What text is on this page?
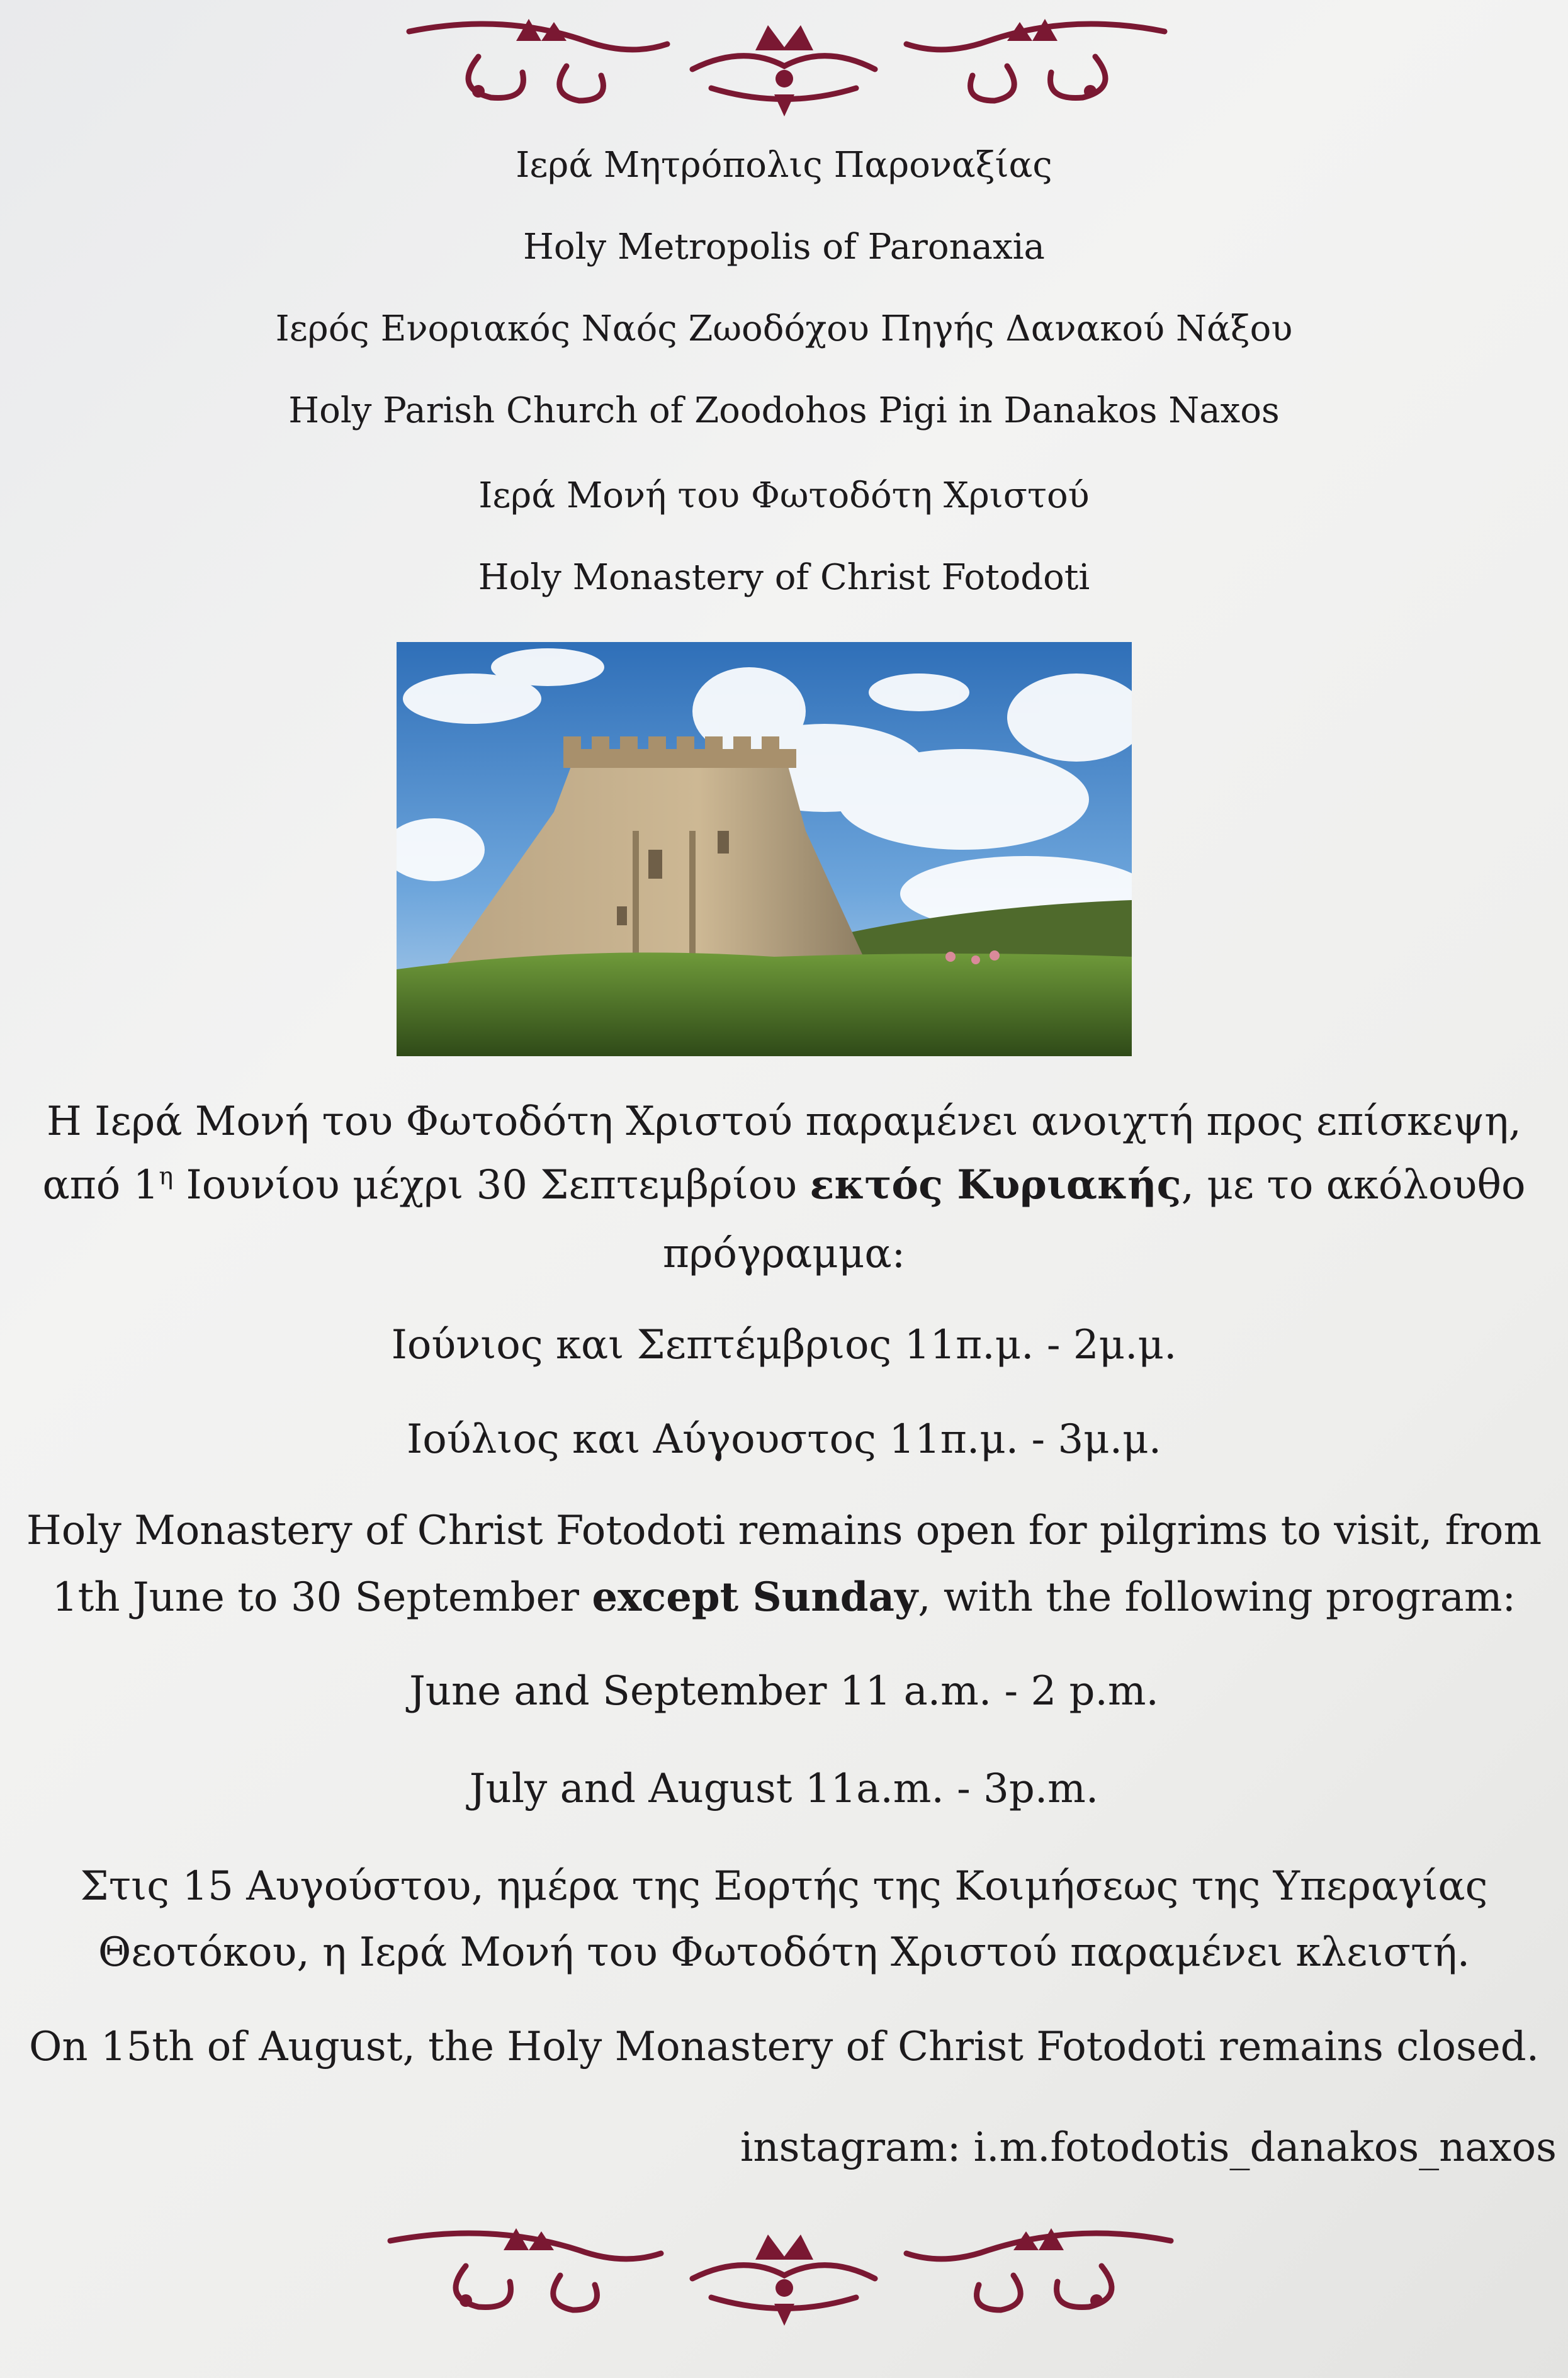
Ιερά Μητρόπολις Παροναξίας
Holy Metropolis of Paronaxia
Ιερός Ενοριακός Ναός Ζωοδόχου Πηγής Δανακού Νάξου
Holy Parish Church of Zoodohos Pigi in Danakos Naxos
Ιερά Μονή του Φωτοδότη Χριστού
Holy Monastery of Christ Fotodoti
Η Ιερά Μονή του Φωτοδότη Χριστού παραμένει ανοιχτή προς επίσκεψη,
από $1^\eta$ Ιουνίου μέχρι 30 Σεπτεμβρίου εκτός Κυριακής, με το ακόλουθο
πρόγραμμα:
Ιούνιος και Σεπτέμβριος 11π.μ. - 2μ.μ.
Ιούλιος και Αύγουστος 11π.μ. - 3μ.μ.
Holy Monastery of Christ Fotodoti remains open for pilgrims to visit, from
1th June to 30 September except Sunday, with the following program:
June and September 11 a.m. - 2 p.m.
July and August 11a.m. - 3p.m.
Στις 15 Αυγούστου, ημέρα της Εορτής της Κοιμήσεως της Υπεραγίας
Θεοτόκου, η Ιερά Μονή του Φωτοδότη Χριστού παραμένει κλειστή.
On 15th of August, the Holy Monastery of Christ Fotodoti remains closed.
instagram: i.m.fotodotis_danakos_naxos
